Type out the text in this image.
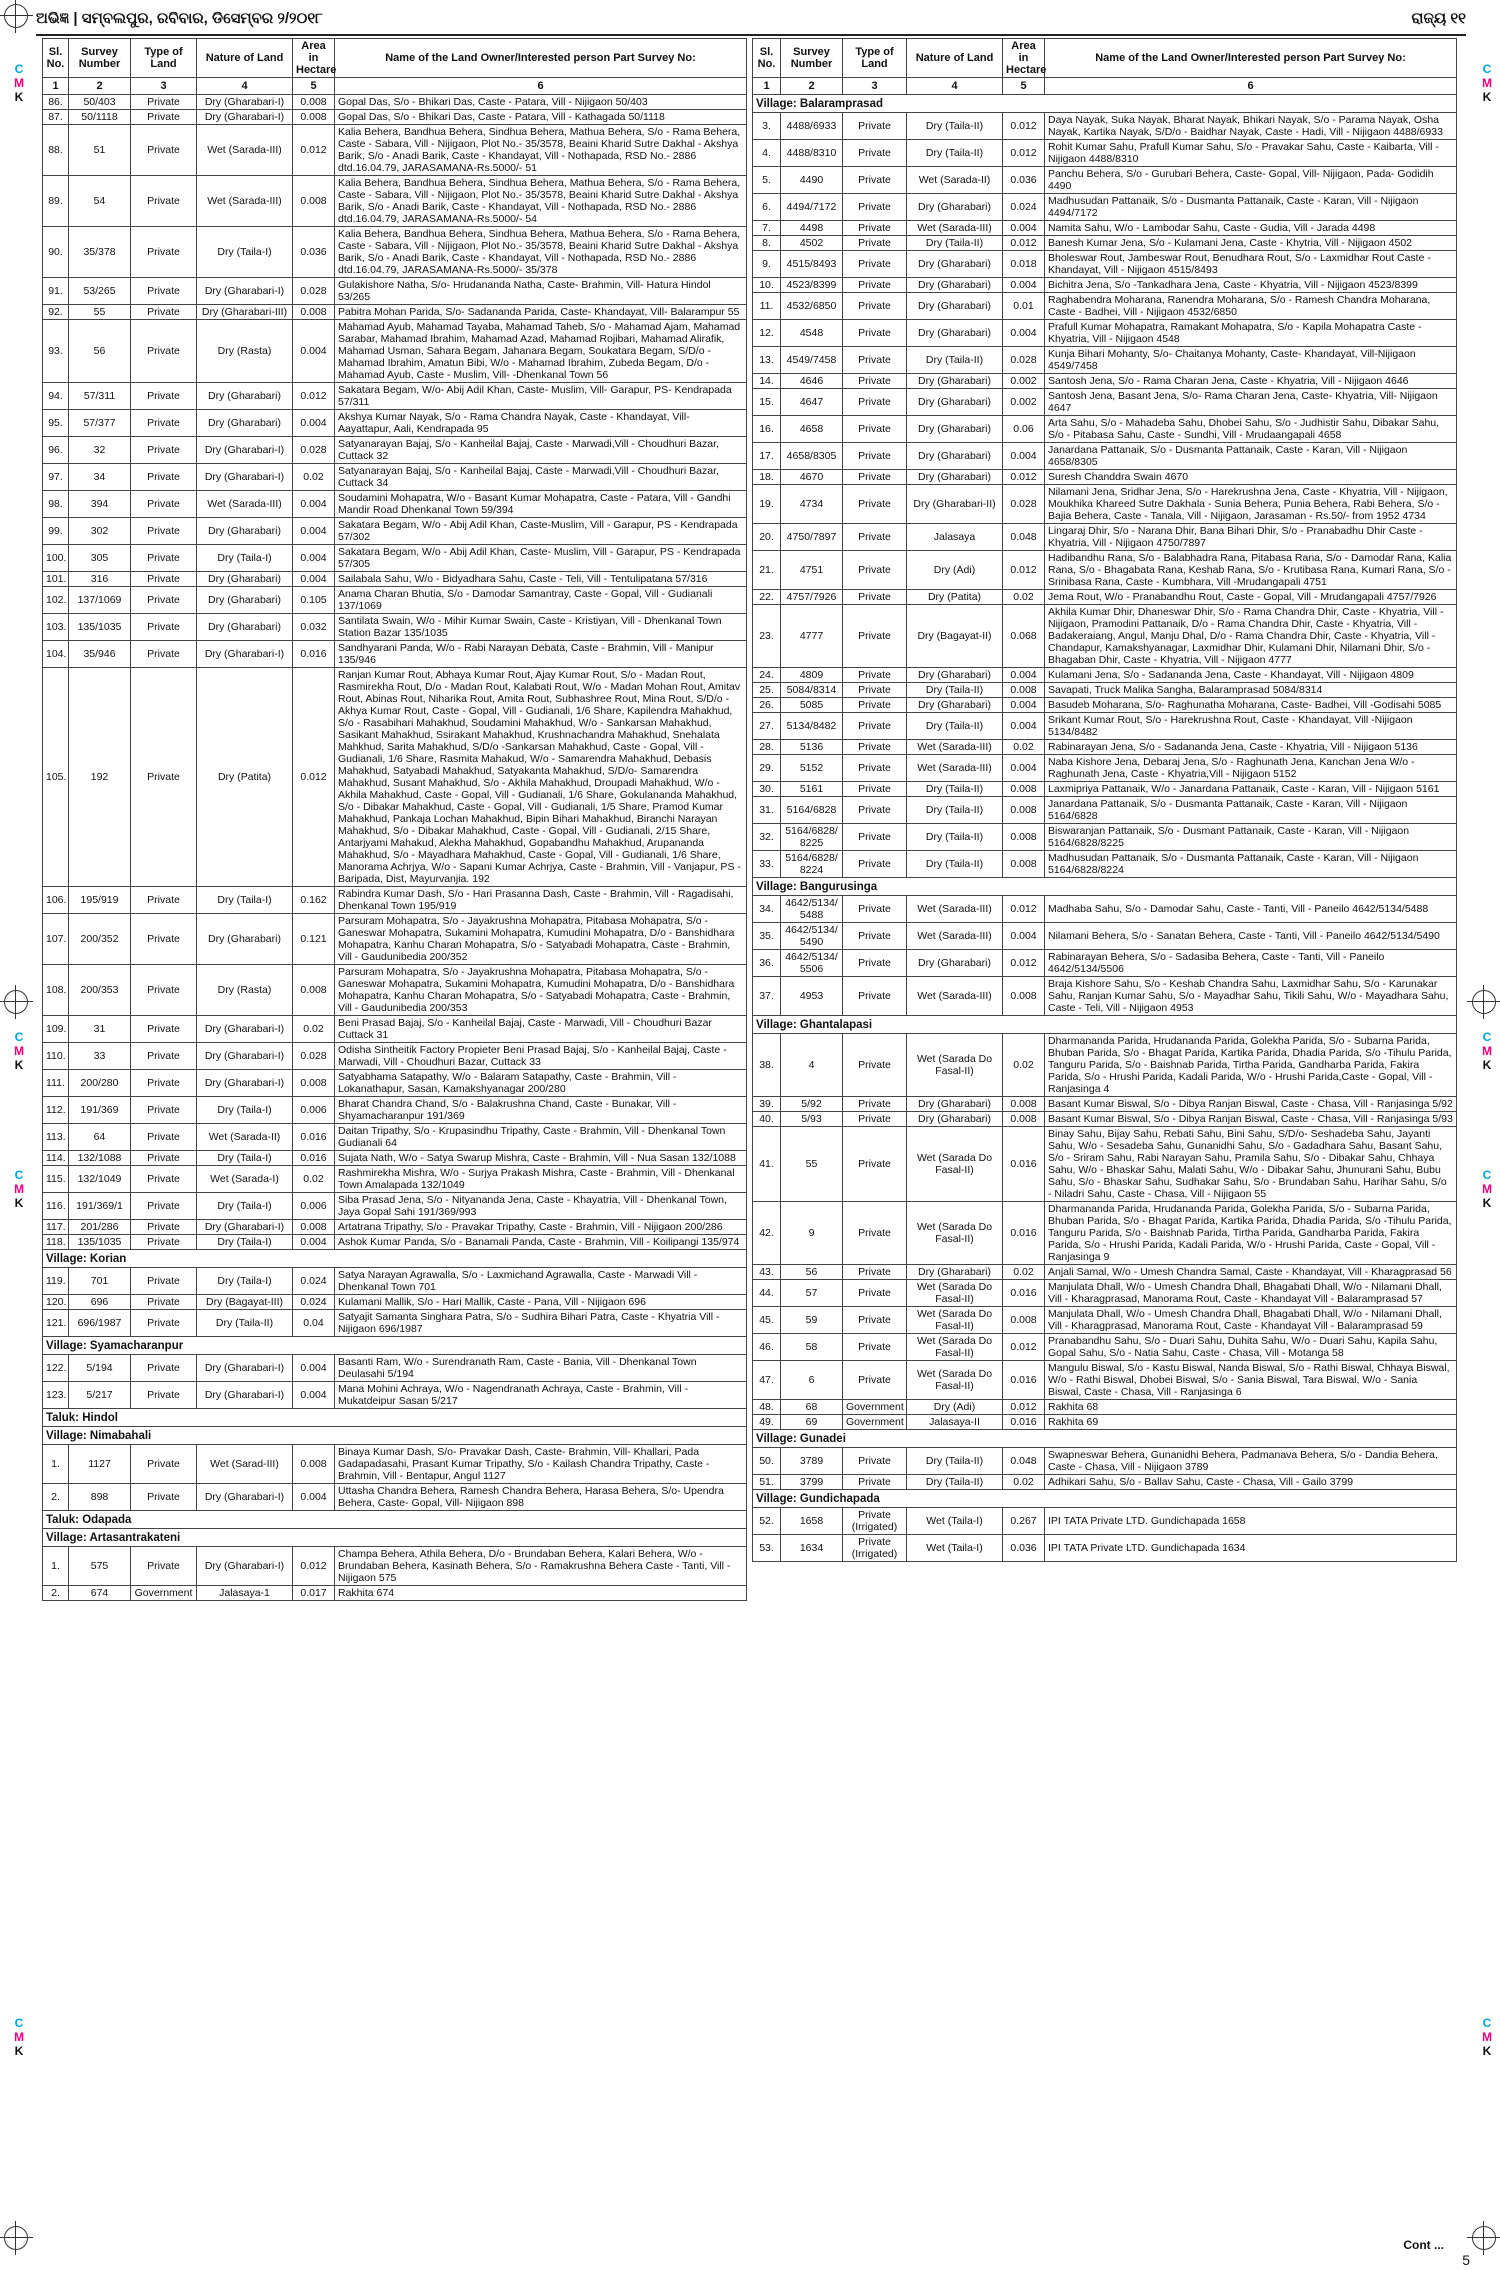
ଅଭିଜ୍ଞ | ସମ୍ବଲପୁର, ରବିବାର, ଡିସେମ୍ବର ୨/୨୦୧୮	ରାଜ୍ୟ ୧୧
C
M
K
C
M
K
C
M
K
C
M
K
C
M
K
C
M
K
C
M
K
C
M
K
Sl. No.	Survey Number	Type of Land	Nature of Land	Area in Hectare	Name of the Land Owner/Interested person Part Survey No:
1	2	3	4	5	6
86.	50/403	Private	Dry (Gharabari-I)	0.008	Gopal Das, S/o - Bhikari Das, Caste - Patara, Vill - Nijigaon 50/403
87.	50/1118	Private	Dry (Gharabari-I)	0.008	Gopal Das, S/o - Bhikari Das, Caste - Patara, Vill - Kathagada 50/1118
88.	51	Private	Wet (Sarada-III)	0.012	Kalia Behera, Bandhua Behera, Sindhua Behera, Mathua Behera, S/o - Rama Behera, Caste - Sabara, Vill - Nijigaon, Plot No.- 35/3578, Beaini Kharid Sutre Dakhal - Akshya Barik, S/o - Anadi Barik, Caste - Khandayat, Vill - Nothapada, RSD No.- 2886 dtd.16.04.79, JARASAMANA-Rs.5000/- 51
89.	54	Private	Wet (Sarada-III)	0.008	Kalia Behera, Bandhua Behera, Sindhua Behera, Mathua Behera, S/o - Rama Behera, Caste - Sabara, Vill - Nijigaon, Plot No.- 35/3578, Beaini Kharid Sutre Dakhal - Akshya Barik, S/o - Anadi Barik, Caste - Khandayat, Vill - Nothapada, RSD No.- 2886 dtd.16.04.79, JARASAMANA-Rs.5000/- 54
90.	35/378	Private	Dry (Taila-I)	0.036	Kalia Behera, Bandhua Behera, Sindhua Behera, Mathua Behera, S/o - Rama Behera, Caste - Sabara, Vill - Nijigaon, Plot No.- 35/3578, Beaini Kharid Sutre Dakhal - Akshya Barik, S/o - Anadi Barik, Caste - Khandayat, Vill - Nothapada, RSD No.- 2886 dtd.16.04.79, JARASAMANA-Rs.5000/- 35/378
91.	53/265	Private	Dry (Gharabari-I)	0.028	Gulakishore Natha, S/o- Hrudananda Natha, Caste- Brahmin, Vill- Hatura Hindol 53/265
92.	55	Private	Dry (Gharabari-III)	0.008	Pabitra Mohan Parida, S/o- Sadananda Parida, Caste- Khandayat, Vill- Balarampur 55
93.	56	Private	Dry (Rasta)	0.004	Mahamad Ayub, Mahamad Tayaba, Mahamad Taheb, S/o - Mahamad Ajam, Mahamad Sarabar, Mahamad Ibrahim, Mahamad Azad, Mahamad Rojibari, Mahamad Alirafik, Mahamad Usman, Sahara Begam, Jahanara Begam, Soukatara Begam, S/D/o - Mahamad Ibrahim, Amatun Bibi, W/o - Mahamad Ibrahim, Zubeda Begam, D/o - Mahamad Ayub, Caste - Muslim, Vill- -Dhenkanal Town 56
94.	57/311	Private	Dry (Gharabari)	0.012	Sakatara Begam, W/o- Abij Adil Khan, Caste- Muslim, Vill- Garapur, PS- Kendrapada 57/311
95.	57/377	Private	Dry (Gharabari)	0.004	Akshya Kumar Nayak, S/o - Rama Chandra Nayak, Caste - Khandayat, Vill- Aayattapur, Aali, Kendrapada 95
96.	32	Private	Dry (Gharabari-I)	0.028	Satyanarayan Bajaj, S/o - Kanheilal Bajaj, Caste - Marwadi,Vill - Choudhuri Bazar, Cuttack 32
97.	34	Private	Dry (Gharabari-I)	0.02	Satyanarayan Bajaj, S/o - Kanheilal Bajaj, Caste - Marwadi,Vill - Choudhuri Bazar, Cuttack 34
98.	394	Private	Wet (Sarada-III)	0.004	Soudamini Mohapatra, W/o - Basant Kumar Mohapatra, Caste - Patara, Vill - Gandhi Mandir Road Dhenkanal Town 59/394
99.	302	Private	Dry (Gharabari)	0.004	Sakatara Begam, W/o - Abij Adil Khan, Caste-Muslim, Vill - Garapur, PS - Kendrapada 57/302
100.	305	Private	Dry (Taila-I)	0.004	Sakatara Begam, W/o - Abij Adil Khan, Caste- Muslim, Vill - Garapur, PS - Kendrapada 57/305
101.	316	Private	Dry (Gharabari)	0.004	Sailabala Sahu, W/o - Bidyadhara Sahu, Caste - Teli, Vill - Tentulipatana 57/316
102.	137/1069	Private	Dry (Gharabari)	0.105	Anama Charan Bhutia, S/o - Damodar Samantray, Caste - Gopal, Vill - Gudianali 137/1069
103.	135/1035	Private	Dry (Gharabari)	0.032	Santilata Swain, W/o - Mihir Kumar Swain, Caste - Kristiyan, Vill - Dhenkanal Town Station Bazar 135/1035
104.	35/946	Private	Dry (Gharabari-I)	0.016	Sandhyarani Panda, W/o - Rabi Narayan Debata, Caste - Brahmin, Vill - Manipur 135/946
105.	192	Private	Dry (Patita)	0.012	Ranjan Kumar Rout, Abhaya Kumar Rout, Ajay Kumar Rout, S/o - Madan Rout, Rasmirekha Rout, D/o - Madan Rout, Kalabati Rout, W/o - Madan Mohan Rout, Amitav Rout, Abinas Rout, Niharika Rout, Amita Rout, Subhashree Rout, Mina Rout, S/D/o - Akhya Kumar Rout, Caste - Gopal, Vill - Gudianali, 1/6 Share, Kapilendra Mahakhud, S/o - Rasabihari Mahakhud, Soudamini Mahakhud, W/o - Sankarsan Mahakhud, Sasikant Mahakhud, Ssirakant Mahakhud, Krushnachandra Mahakhud, Snehalata Mahkhud, Sarita Mahakhud, S/D/o -Sankarsan Mahakhud, Caste - Gopal, Vill - Gudianali, 1/6 Share, Rasmita Mahakud, W/o - Samarendra Mahakhud, Debasis Mahakhud, Satyabadi Mahakhud, Satyakanta Mahakhud, S/D/o- Samarendra Mahakhud, Susant Mahakhud, S/o - Akhila Mahakhud, Droupadi Mahakhud, W/o - Akhila Mahakhud, Caste - Gopal, Vill - Gudianali, 1/6 Share, Gokulananda Mahakhud, S/o - Dibakar Mahakhud, Caste - Gopal, Vill - Gudianali, 1/5 Share, Pramod Kumar Mahakhud, Pankaja Lochan Mahakhud, Bipin Bihari Mahakhud, Biranchi Narayan Mahakhud, S/o - Dibakar Mahakhud, Caste - Gopal, Vill - Gudianali, 2/15 Share, Antarjyami Mahakud, Alekha Mahakhud, Gopabandhu Mahakhud, Arupananda Mahakhud, S/o - Mayadhara Mahakhud, Caste - Gopal, Vill - Gudianali, 1/6 Share, Manorama Achrjya, W/o - Sapani Kumar Achrjya, Caste - Brahmin, Vill - Vanjapur, PS -Baripada, Dist, Mayurvanjia. 192
106.	195/919	Private	Dry (Taila-I)	0.162	Rabindra Kumar Dash, S/o - Hari Prasanna Dash, Caste - Brahmin, Vill - Ragadisahi, Dhenkanal Town 195/919
107.	200/352	Private	Dry (Gharabari)	0.121	Parsuram Mohapatra, S/o - Jayakrushna Mohapatra, Pitabasa Mohapatra, S/o - Ganeswar Mohapatra, Sukamini Mohapatra, Kumudini Mohapatra, D/o - Banshidhara Mohapatra, Kanhu Charan Mohapatra, S/o - Satyabadi Mohapatra, Caste - Brahmin, Vill - Gaudunibedia 200/352
108.	200/353	Private	Dry (Rasta)	0.008	Parsuram Mohapatra, S/o - Jayakrushna Mohapatra, Pitabasa Mohapatra, S/o - Ganeswar Mohapatra, Sukamini Mohapatra, Kumudini Mohapatra, D/o - Banshidhara Mohapatra, Kanhu Charan Mohapatra, S/o - Satyabadi Mohapatra, Caste - Brahmin, Vill - Gaudunibedia 200/353
109.	31	Private	Dry (Gharabari-I)	0.02	Beni Prasad Bajaj, S/o - Kanheilal Bajaj, Caste - Marwadi, Vill - Choudhuri Bazar Cuttack 31
110.	33	Private	Dry (Gharabari-I)	0.028	Odisha Sintheitik Factory Propieter Beni Prasad Bajaj, S/o - Kanheilal Bajaj, Caste - Marwadi, Vill - Choudhuri Bazar, Cuttack 33
111.	200/280	Private	Dry (Gharabari-I)	0.008	Satyabhama Satapathy, W/o - Balaram Satapathy, Caste - Brahmin, Vill - Lokanathapur, Sasan, Kamakshyanagar 200/280
112.	191/369	Private	Dry (Taila-I)	0.006	Bharat Chandra Chand, S/o - Balakrushna Chand, Caste - Bunakar, Vill - Shyamacharanpur 191/369
113.	64	Private	Wet (Sarada-II)	0.016	Daitan Tripathy, S/o - Krupasindhu Tripathy, Caste - Brahmin, Vill - Dhenkanal Town Gudianali 64
114.	132/1088	Private	Dry (Taila-I)	0.016	Sujata Nath, W/o - Satya Swarup Mishra, Caste - Brahmin, Vill - Nua Sasan 132/1088
115.	132/1049	Private	Wet (Sarada-I)	0.02	Rashmirekha Mishra, W/o - Surjya Prakash Mishra, Caste - Brahmin, Vill - Dhenkanal Town Amalapada 132/1049
116.	191/369/1	Private	Dry (Taila-I)	0.006	Siba Prasad Jena, S/o - Nityananda Jena, Caste - Khayatria, Vill - Dhenkanal Town, Jaya Gopal Sahi 191/369/993
117.	201/286	Private	Dry (Gharabari-I)	0.008	Artatrana Tripathy, S/o - Pravakar Tripathy, Caste - Brahmin, Vill - Nijigaon 200/286
118.	135/1035	Private	Dry (Taila-I)	0.004	Ashok Kumar Panda, S/o - Banamali Panda, Caste - Brahmin, Vill - Koilipangi 135/974
Village: Korian					
119.	701	Private	Dry (Taila-I)	0.024	Satya Narayan Agrawalla, S/o - Laxmichand Agrawalla, Caste - Marwadi Vill - Dhenkanal Town 701
120.	696	Private	Dry (Bagayat-III)	0.024	Kulamani Mallik, S/o - Hari Mallik, Caste - Pana, Vill - Nijigaon 696
121.	696/1987	Private	Dry (Taila-II)	0.04	Satyajit Samanta Singhara Patra, S/o - Sudhira Bihari Patra, Caste - Khyatria Vill - Nijigaon 696/1987
Village: Syamacharanpur					
122.	5/194	Private	Dry (Gharabari-I)	0.004	Basanti Ram, W/o - Surendranath Ram, Caste - Bania, Vill - Dhenkanal Town Deulasahi 5/194
123.	5/217	Private	Dry (Gharabari-I)	0.004	Mana Mohini Achraya, W/o - Nagendranath Achraya, Caste - Brahmin, Vill - Mukatdeipur Sasan 5/217
Taluk: Hindol					
Village: Nimabahali					
1.	1127	Private	Wet (Sarad-III)	0.008	Binaya Kumar Dash, S/o- Pravakar Dash, Caste- Brahmin, Vill- Khallari, Pada Gadapadasahi, Prasant Kumar Tripathy, S/o - Kailash Chandra Tripathy, Caste - Brahmin, Vill - Bentapur, Angul 1127
2.	898	Private	Dry (Gharabari-I)	0.004	Uttasha Chandra Behera, Ramesh Chandra Behera, Harasa Behera, S/o- Upendra Behera, Caste- Gopal, Vill- Nijigaon 898
Taluk: Odapada					
Village: Artasantrakateni					
1.	575	Private	Dry (Gharabari-I)	0.012	Champa Behera, Athila Behera, D/o - Brundaban Behera, Kalari Behera, W/o - Brundaban Behera, Kasinath Behera, S/o - Ramakrushna Behera Caste - Tanti, Vill - Nijigaon 575
2.	674	Government	Jalasaya-1	0.017	Rakhita 674
Sl. No.	Survey Number	Type of Land	Nature of Land	Area in Hectare	Name of the Land Owner/Interested person Part Survey No:
1	2	3	4	5	6
Village: Balaramprasad					
3.	4488/6933	Private	Dry (Taila-II)	0.012	Daya Nayak, Suka Nayak, Bharat Nayak, Bhikari Nayak, S/o - Parama Nayak, Osha Nayak, Kartika Nayak, S/D/o - Baidhar Nayak, Caste - Hadi, Vill - Nijigaon 4488/6933
4.	4488/8310	Private	Dry (Taila-II)	0.012	Rohit Kumar Sahu, Prafull Kumar Sahu, S/o - Pravakar Sahu, Caste - Kaibarta, Vill - Nijigaon 4488/8310
5.	4490	Private	Wet (Sarada-II)	0.036	Panchu Behera, S/o - Gurubari Behera, Caste- Gopal, Vill- Nijigaon, Pada- Godidih 4490
6.	4494/7172	Private	Dry (Gharabari)	0.024	Madhusudan Pattanaik, S/o - Dusmanta Pattanaik, Caste - Karan, Vill - Nijigaon 4494/7172
7.	4498	Private	Wet (Sarada-III)	0.004	Namita Sahu, W/o - Lambodar Sahu, Caste - Gudia, Vill - Jarada 4498
8.	4502	Private	Dry (Taila-II)	0.012	Banesh Kumar Jena, S/o - Kulamani Jena, Caste - Khytria, Vill - Nijigaon 4502
9.	4515/8493	Private	Dry (Gharabari)	0.018	Bholeswar Rout, Jambeswar Rout, Benudhara Rout, S/o - Laxmidhar Rout Caste - Khandayat, Vill - Nijigaon 4515/8493
10.	4523/8399	Private	Dry (Gharabari)	0.004	Bichitra Jena, S/o -Tankadhara Jena, Caste - Khyatria, Vill - Nijigaon 4523/8399
11.	4532/6850	Private	Dry (Gharabari)	0.01	Raghabendra Moharana, Ranendra Moharana, S/o - Ramesh Chandra Moharana, Caste - Badhei, Vill - Nijigaon 4532/6850
12.	4548	Private	Dry (Gharabari)	0.004	Prafull Kumar Mohapatra, Ramakant Mohapatra, S/o - Kapila Mohapatra Caste - Khyatria, Vill - Nijigaon 4548
13.	4549/7458	Private	Dry (Taila-II)	0.028	Kunja Bihari Mohanty, S/o- Chaitanya Mohanty, Caste- Khandayat, Vill-Nijigaon 4549/7458
14.	4646	Private	Dry (Gharabari)	0.002	Santosh Jena, S/o - Rama Charan Jena, Caste - Khyatria, Vill - Nijigaon 4646
15.	4647	Private	Dry (Gharabari)	0.002	Santosh Jena, Basant Jena, S/o- Rama Charan Jena, Caste- Khyatria, Vill- Nijigaon 4647
16.	4658	Private	Dry (Gharabari)	0.06	Arta Sahu, S/o - Mahadeba Sahu, Dhobei Sahu, S/o - Judhistir Sahu, Dibakar Sahu, S/o - Pitabasa Sahu, Caste - Sundhi, Vill - Mrudaangapali 4658
17.	4658/8305	Private	Dry (Gharabari)	0.004	Janardana Pattanaik, S/o - Dusmanta Pattanaik, Caste - Karan, Vill - Nijigaon 4658/8305
18.	4670	Private	Dry (Gharabari)	0.012	Suresh Chanddra Swain 4670
19.	4734	Private	Dry (Gharabari-II)	0.028	Nilamani Jena, Sridhar Jena, S/o - Harekrushna Jena, Caste - Khyatria, Vill - Nijigaon, Moukhika Khareed Sutre Dakhala - Sunia Behera, Punia Behera, Rabi Behera, S/o - Bajia Behera, Caste - Tanala, Vill - Nijigaon, Jarasaman - Rs.50/- from 1952 4734
20.	4750/7897	Private	Jalasaya	0.048	Lingaraj Dhir, S/o - Narana Dhir, Bana Bihari Dhir, S/o - Pranabadhu Dhir Caste - Khyatria, Vill - Nijigaon 4750/7897
21.	4751	Private	Dry (Adi)	0.012	Hadibandhu Rana, S/o - Balabhadra Rana, Pitabasa Rana, S/o - Damodar Rana, Kalia Rana, S/o - Bhagabata Rana, Keshab Rana, S/o - Krutibasa Rana, Kumari Rana, S/o - Srinibasa Rana, Caste - Kumbhara, Vill -Mrudangapali 4751
22.	4757/7926	Private	Dry (Patita)	0.02	Jema Rout, W/o - Pranabandhu Rout, Caste - Gopal, Vill - Mrudangapali 4757/7926
23.	4777	Private	Dry (Bagayat-II)	0.068	Akhila Kumar Dhir, Dhaneswar Dhir, S/o - Rama Chandra Dhir, Caste - Khyatria, Vill - Nijigaon, Pramodini Pattanaik, D/o - Rama Chandra Dhir, Caste - Khyatria, Vill - Badakeraiang, Angul, Manju Dhal, D/o - Rama Chandra Dhir, Caste - Khyatria, Vill - Chandapur, Kamakshyanagar, Laxmidhar Dhir, Kulamani Dhir, Nilamani Dhir, S/o - Bhagaban Dhir, Caste - Khyatria, Vill - Nijigaon 4777
24.	4809	Private	Dry (Gharabari)	0.004	Kulamani Jena, S/o - Sadananda Jena, Caste - Khandayat, Vill - Nijigaon 4809
25.	5084/8314	Private	Dry (Taila-II)	0.008	Savapati, Truck Malika Sangha, Balaramprasad 5084/8314
26.	5085	Private	Dry (Gharabari)	0.004	Basudeb Moharana, S/o- Raghunatha Moharana, Caste- Badhei, Vill -Godisahi 5085
27.	5134/8482	Private	Dry (Taila-II)	0.004	Srikant Kumar Rout, S/o - Harekrushna Rout, Caste - Khandayat, Vill -Nijigaon 5134/8482
28.	5136	Private	Wet (Sarada-III)	0.02	Rabinarayan Jena, S/o - Sadananda Jena, Caste - Khyatria, Vill - Nijigaon 5136
29.	5152	Private	Wet (Sarada-III)	0.004	Naba Kishore Jena, Debaraj Jena, S/o - Raghunath Jena, Kanchan Jena W/o - Raghunath Jena, Caste - Khyatria,Vill - Nijigaon 5152
30.	5161	Private	Dry (Taila-II)	0.008	Laxmipriya Pattanaik, W/o - Janardana Pattanaik, Caste - Karan, Vill - Nijigaon 5161
31.	5164/6828	Private	Dry (Taila-II)	0.008	Janardana Pattanaik, S/o - Dusmanta Pattanaik, Caste - Karan, Vill - Nijigaon 5164/6828
32.	5164/6828/ 8225	Private	Dry (Taila-II)	0.008	Biswaranjan Pattanaik, S/o - Dusmant Pattanaik, Caste - Karan, Vill - Nijigaon 5164/6828/8225
33.	5164/6828/ 8224	Private	Dry (Taila-II)	0.008	Madhusudan Pattanaik, S/o - Dusmanta Pattanaik, Caste - Karan, Vill - Nijigaon 5164/6828/8224
Village: Bangurusinga					
34.	4642/5134/ 5488	Private	Wet (Sarada-III)	0.012	Madhaba Sahu, S/o - Damodar Sahu, Caste - Tanti, Vill - Paneilo 4642/5134/5488
35.	4642/5134/ 5490	Private	Wet (Sarada-III)	0.004	Nilamani Behera, S/o - Sanatan Behera, Caste - Tanti, Vill - Paneilo 4642/5134/5490
36.	4642/5134/ 5506	Private	Dry (Gharabari)	0.012	Rabinarayan Behera, S/o - Sadasiba Behera, Caste - Tanti, Vill - Paneilo 4642/5134/5506
37.	4953	Private	Wet (Sarada-III)	0.008	Braja Kishore Sahu, S/o - Keshab Chandra Sahu, Laxmidhar Sahu, S/o - Karunakar Sahu, Ranjan Kumar Sahu, S/o - Mayadhar Sahu, Tikili Sahu, W/o - Mayadhara Sahu, Caste - Teli, Vill - Nijigaon 4953
Village: Ghantalapasi					
38.	4	Private	Wet (Sarada Do Fasal-II)	0.02	Dharmananda Parida, Hrudananda Parida, Golekha Parida, S/o - Subarna Parida, Bhuban Parida, S/o - Bhagat Parida, Kartika Parida, Dhadia Parida, S/o -Tihulu Parida, Tanguru Parida, S/o - Baishnab Parida, Tirtha Parida, Gandharba Parida, Fakira Parida, S/o - Hrushi Parida, Kadali Parida, W/o - Hrushi Parida,Caste - Gopal, Vill - Ranjasinga 4
39.	5/92	Private	Dry (Gharabari)	0.008	Basant Kumar Biswal, S/o - Dibya Ranjan Biswal, Caste - Chasa, Vill - Ranjasinga 5/92
40.	5/93	Private	Dry (Gharabari)	0.008	Basant Kumar Biswal, S/o - Dibya Ranjan Biswal, Caste - Chasa, Vill - Ranjasinga 5/93
41.	55	Private	Wet (Sarada Do Fasal-II)	0.016	Binay Sahu, Bijay Sahu, Rebati Sahu, Bini Sahu, S/D/o- Seshadeba Sahu, Jayanti Sahu, W/o - Sesadeba Sahu, Gunanidhi Sahu, S/o - Gadadhara Sahu, Basant Sahu, S/o - Sriram Sahu, Rabi Narayan Sahu, Pramila Sahu, S/o - Dibakar Sahu, Chhaya Sahu, W/o - Bhaskar Sahu, Malati Sahu, W/o - Dibakar Sahu, Jhunurani Sahu, Bubu Sahu, S/o - Bhaskar Sahu, Sudhakar Sahu, S/o - Brundaban Sahu, Harihar Sahu, S/o - Niladri Sahu, Caste - Chasa, Vill - Nijigaon 55
42.	9	Private	Wet (Sarada Do Fasal-II)	0.016	Dharmananda Parida, Hrudananda Parida, Golekha Parida, S/o - Subarna Parida, Bhuban Parida, S/o - Bhagat Parida, Kartika Parida, Dhadia Parida, S/o -Tihulu Parida, Tanguru Parida, S/o - Baishnab Parida, Tirtha Parida, Gandharba Parida, Fakira Parida, S/o - Hrushi Parida, Kadali Parida, W/o - Hrushi Parida, Caste - Gopal, Vill - Ranjasinga 9
43.	56	Private	Dry (Gharabari)	0.02	Anjali Samal, W/o - Umesh Chandra Samal, Caste - Khandayat, Vill - Kharagprasad 56
44.	57	Private	Wet (Sarada Do Fasal-II)	0.016	Manjulata Dhall, W/o - Umesh Chandra Dhall, Bhagabati Dhall, W/o - Nilamani Dhall, Vill - Kharagprasad, Manorama Rout, Caste - Khandayat Vill - Balaramprasad 57
45.	59	Private	Wet (Sarada Do Fasal-II)	0.008	Manjulata Dhall, W/o - Umesh Chandra Dhall, Bhagabati Dhall, W/o - Nilamani Dhall, Vill - Kharagprasad, Manorama Rout, Caste - Khandayat Vill - Balaramprasad 59
46.	58	Private	Wet (Sarada Do Fasal-II)	0.012	Pranabandhu Sahu, S/o - Duari Sahu, Duhita Sahu, W/o - Duari Sahu, Kapila Sahu, Gopal Sahu, S/o - Natia Sahu, Caste - Chasa, Vill - Motanga 58
47.	6	Private	Wet (Sarada Do Fasal-II)	0.016	Mangulu Biswal, S/o - Kastu Biswal, Nanda Biswal, S/o - Rathi Biswal, Chhaya Biswal, W/o - Rathi Biswal, Dhobei Biswal, S/o - Sania Biswal, Tara Biswal, W/o - Sania Biswal, Caste - Chasa, Vill - Ranjasinga 6
48.	68	Government	Dry (Adi)	0.012	Rakhita 68
49.	69	Government	Jalasaya-II	0.016	Rakhita 69
Village: Gunadei					
50.	3789	Private	Dry (Taila-II)	0.048	Swapneswar Behera, Gunanidhi Behera, Padmanava Behera, S/o - Dandia Behera, Caste - Chasa, Vill - Nijigaon 3789
51.	3799	Private	Dry (Taila-II)	0.02	Adhikari Sahu, S/o - Ballav Sahu, Caste - Chasa, Vill - Gailo 3799
Village: Gundichapada					
52.	1658	Private (Irrigated)	Wet (Taila-I)	0.267	IPI TATA Private LTD. Gundichapada 1658
53.	1634	Private (Irrigated)	Wet (Taila-I)	0.036	IPI TATA Private LTD. Gundichapada 1634
Cont ...
5
